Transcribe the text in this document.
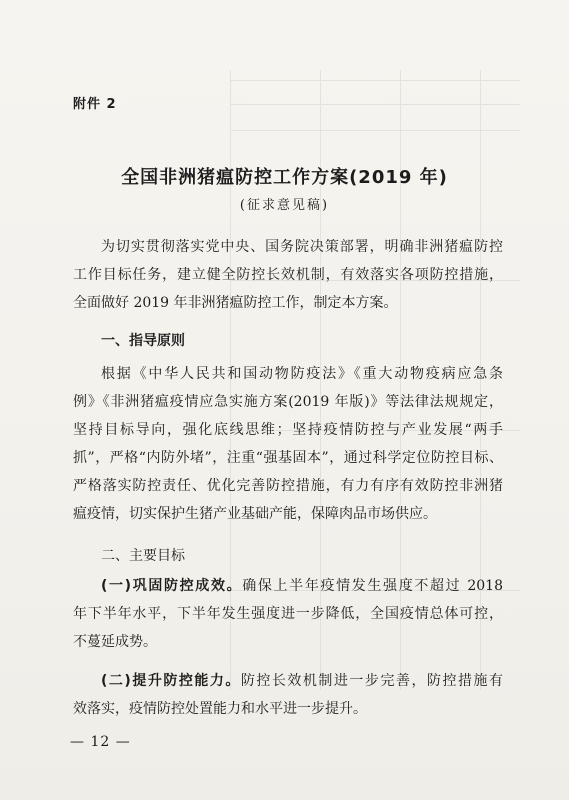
附件 2
全国非洲猪瘟防控工作方案(2019 年)
(征求意见稿)
为切实贯彻落实党中央、国务院决策部署，明确非洲猪瘟防控
工作目标任务，建立健全防控长效机制，有效落实各项防控措施，
全面做好 2019 年非洲猪瘟防控工作，制定本方案。
一、指导原则
根据《中华人民共和国动物防疫法》《重大动物疫病应急条
例》《非洲猪瘟疫情应急实施方案(2019 年版)》等法律法规规定，
坚持目标导向，强化底线思维；坚持疫情防控与产业发展“两手
抓”，严格“内防外堵”，注重“强基固本”，通过科学定位防控目标、
严格落实防控责任、优化完善防控措施，有力有序有效防控非洲猪
瘟疫情，切实保护生猪产业基础产能，保障肉品市场供应。
二、主要目标
(一)巩固防控成效。确保上半年疫情发生强度不超过 2018
年下半年水平，下半年发生强度进一步降低，全国疫情总体可控，
不蔓延成势。
(二)提升防控能力。防控长效机制进一步完善，防控措施有
效落实，疫情防控处置能力和水平进一步提升。
— 12 —
